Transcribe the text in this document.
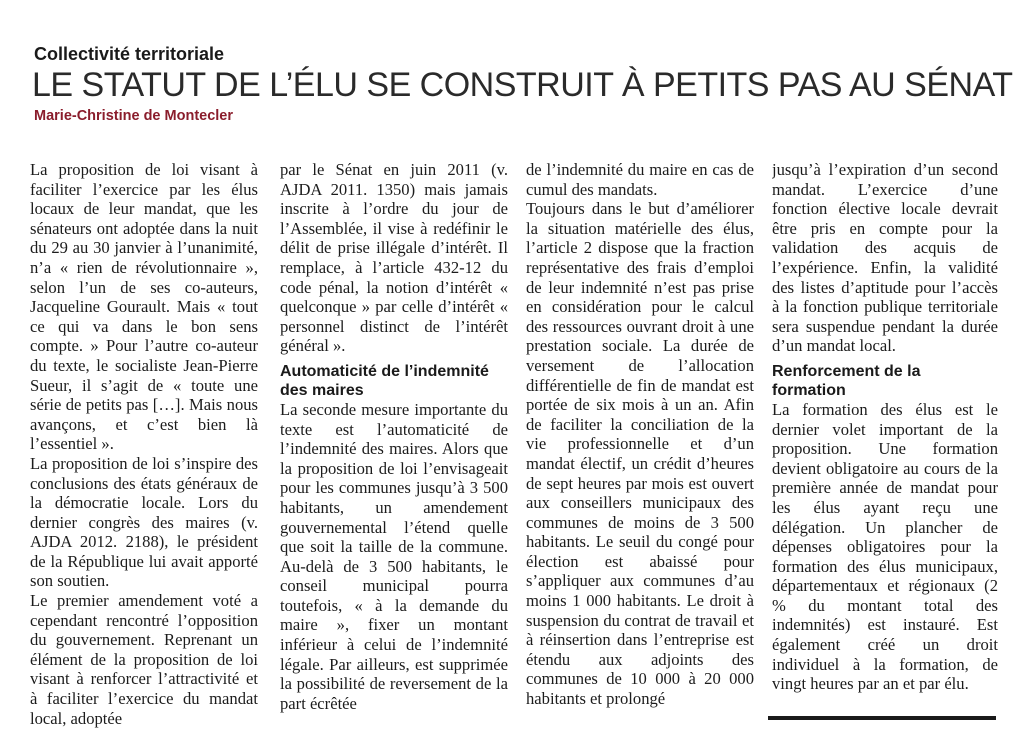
Collectivité territoriale
LE STATUT DE L’ÉLU SE CONSTRUIT À PETITS PAS AU SÉNAT
Marie-Christine de Montecler

La proposition de loi visant à faciliter l’exercice par les élus locaux de leur mandat, que les sénateurs ont adoptée dans la nuit du 29 au 30 janvier à l’unanimité, n’a « rien de révolutionnaire », selon l’un de ses co-auteurs, Jacqueline Gourault. Mais « tout ce qui va dans le bon sens compte. » Pour l’autre co-auteur du texte, le socialiste Jean-Pierre Sueur, il s’agit de « toute une série de petits pas […]. Mais nous avançons, et c’est bien là l’essentiel ».

La proposition de loi s’inspire des conclusions des états généraux de la démocratie locale. Lors du dernier congrès des maires (v. AJDA 2012. 2188), le président de la République lui avait apporté son soutien.

Le premier amendement voté a cependant rencontré l’opposition du gouvernement. Reprenant un élément de la proposition de loi visant à renforcer l’attractivité et à faciliter l’exercice du mandat local, adoptée

par le Sénat en juin 2011 (v. AJDA 2011. 1350) mais jamais inscrite à l’ordre du jour de l’Assemblée, il vise à redéfinir le délit de prise illégale d’intérêt. Il remplace, à l’article 432-12 du code pénal, la notion d’intérêt « quelconque » par celle d’intérêt « personnel distinct de l’intérêt général ».

Automaticité de l’indemnité des maires

La seconde mesure importante du texte est l’automaticité de l’indemnité des maires. Alors que la proposition de loi l’envisageait pour les communes jusqu’à 3 500 habitants, un amendement gouvernemental l’étend quelle que soit la taille de la commune. Au-delà de 3 500 habitants, le conseil municipal pourra toutefois, « à la demande du maire », fixer un montant inférieur à celui de l’indemnité légale. Par ailleurs, est supprimée la possibilité de reversement de la part écrêtée

de l’indemnité du maire en cas de cumul des mandats.

Toujours dans le but d’améliorer la situation matérielle des élus, l’article 2 dispose que la fraction représentative des frais d’emploi de leur indemnité n’est pas prise en considération pour le calcul des ressources ouvrant droit à une prestation sociale. La durée de versement de l’allocation différentielle de fin de mandat est portée de six mois à un an. Afin de faciliter la conciliation de la vie professionnelle et d’un mandat électif, un crédit d’heures de sept heures par mois est ouvert aux conseillers municipaux des communes de moins de 3 500 habitants. Le seuil du congé pour élection est abaissé pour s’appliquer aux communes d’au moins 1 000 habitants. Le droit à suspension du contrat de travail et à réinsertion dans l’entreprise est étendu aux adjoints des communes de 10 000 à 20 000 habitants et prolongé

jusqu’à l’expiration d’un second mandat. L’exercice d’une fonction élective locale devrait être pris en compte pour la validation des acquis de l’expérience. Enfin, la validité des listes d’aptitude pour l’accès à la fonction publique territoriale sera suspendue pendant la durée d’un mandat local.

Renforcement de la formation

La formation des élus est le dernier volet important de la proposition. Une formation devient obligatoire au cours de la première année de mandat pour les élus ayant reçu une délégation. Un plancher de dépenses obligatoires pour la formation des élus municipaux, départementaux et régionaux (2 % du montant total des indemnités) est instauré. Est également créé un droit individuel à la formation, de vingt heures par an et par élu.
